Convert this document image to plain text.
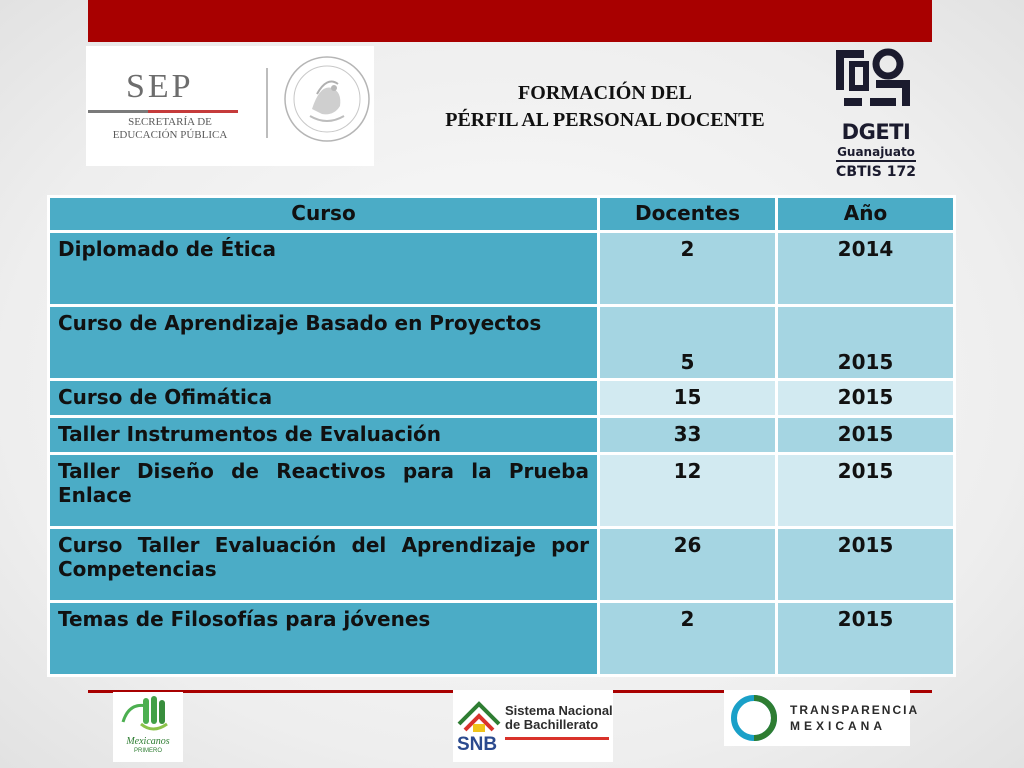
SEP
SECRETARÍA DE
EDUCACIÓN PÚBLICA
FORMACIÓN DEL
PÉRFIL AL PERSONAL DOCENTE	DGETI
Guanajuato
CBTIS 172
Curso	Docentes	Año
Diplomado de Ética	2	2014
Curso de Aprendizaje Basado en Proyectos	5	2015
Curso de Ofimática	15	2015
Taller Instrumentos de Evaluación	33	2015
Taller Diseño de Reactivos para la Prueba Enlace	12	2015
Curso Taller Evaluación del Aprendizaje por Competencias	26	2015
Temas de Filosofías para jóvenes	2	2015
Mexicanos
PRIMERO
Sistema Nacional de Bachillerato
SNB
TRANSPARENCIA
MEXICANA
